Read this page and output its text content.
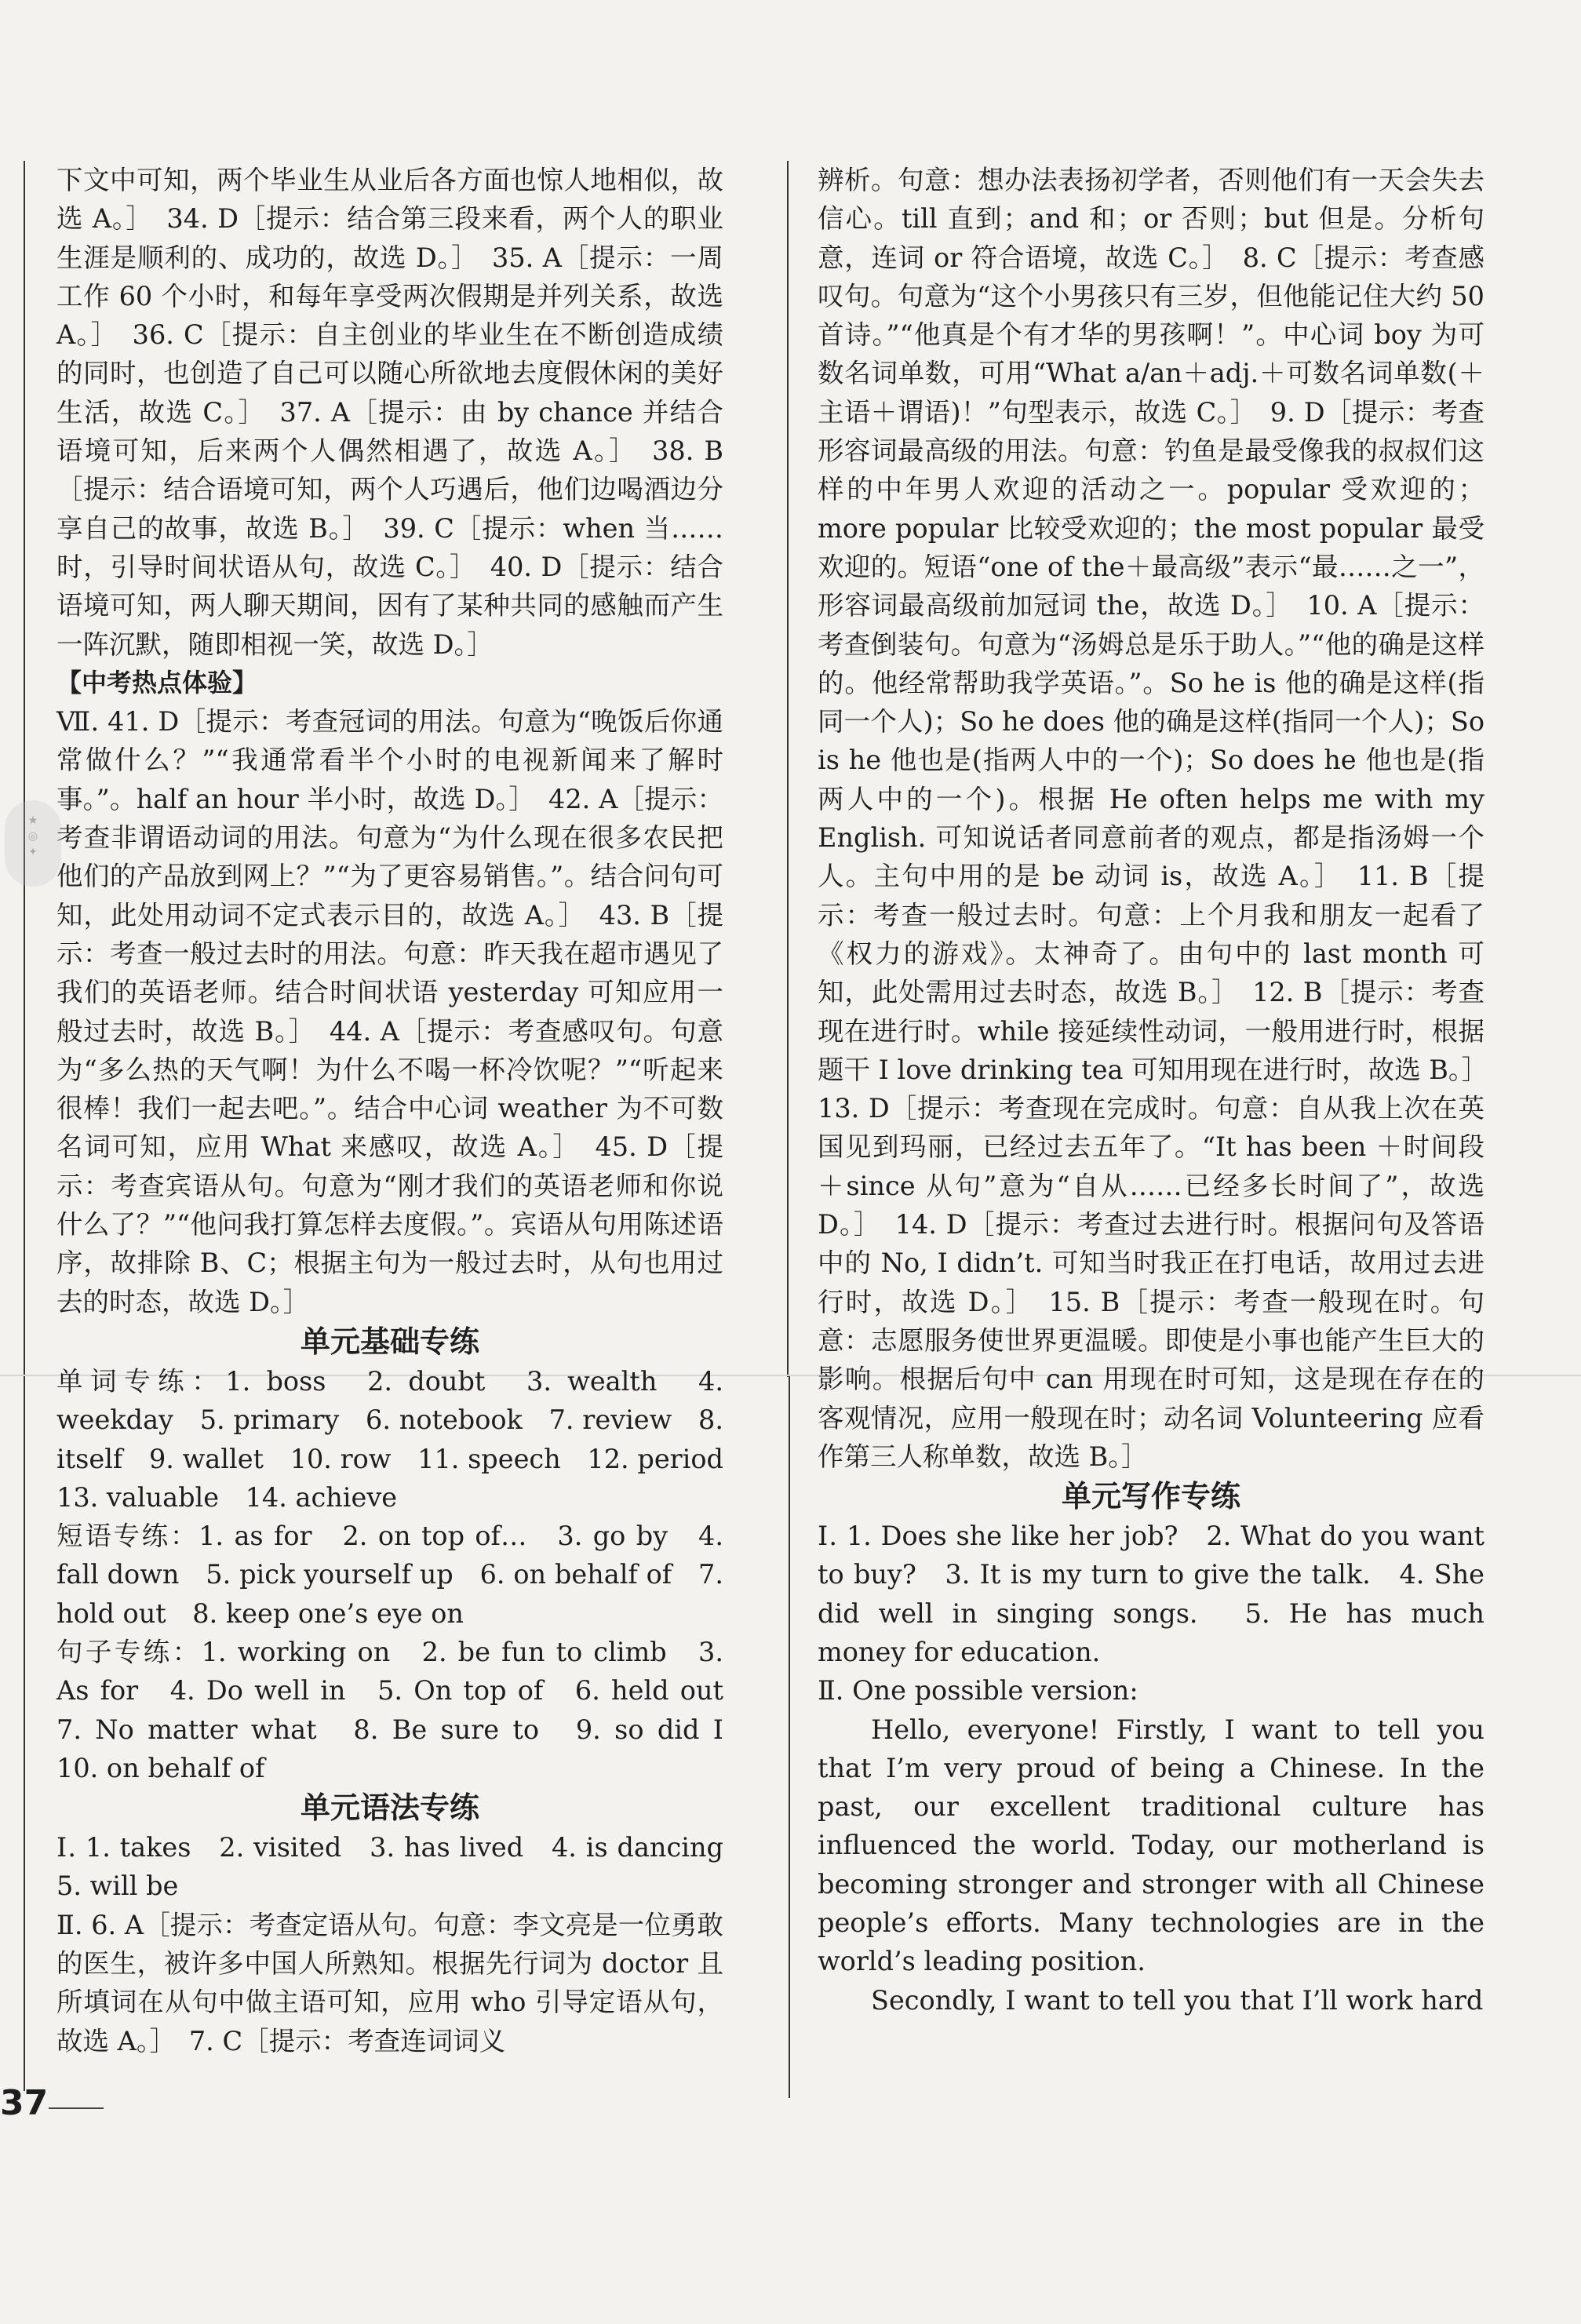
★
◎
✦

下文中可知，两个毕业生从业后各方面也惊人地相似，故选 A。］　34. D［提示：结合第三段来看，两个人的职业生涯是顺利的、成功的，故选 D。］　35. A［提示：一周工作 60 个小时，和每年享受两次假期是并列关系，故选 A。］　36. C［提示：自主创业的毕业生在不断创造成绩的同时，也创造了自己可以随心所欲地去度假休闲的美好生活，故选 C。］　37. A［提示：由 by chance 并结合语境可知，后来两个人偶然相遇了，故选 A。］　38. B［提示：结合语境可知，两个人巧遇后，他们边喝酒边分享自己的故事，故选 B。］　39. C［提示：when 当……时，引导时间状语从句，故选 C。］　40. D［提示：结合语境可知，两人聊天期间，因有了某种共同的感触而产生一阵沉默，随即相视一笑，故选 D。］

【中考热点体验】

Ⅶ. 41. D［提示：考查冠词的用法。句意为“晚饭后你通常做什么？”“我通常看半个小时的电视新闻来了解时事。”。half an hour 半小时，故选 D。］　42. A［提示：考查非谓语动词的用法。句意为“为什么现在很多农民把他们的产品放到网上？”“为了更容易销售。”。结合问句可知，此处用动词不定式表示目的，故选 A。］　43. B［提示：考查一般过去时的用法。句意：昨天我在超市遇见了我们的英语老师。结合时间状语 yesterday 可知应用一般过去时，故选 B。］　44. A［提示：考查感叹句。句意为“多么热的天气啊！为什么不喝一杯冷饮呢？”“听起来很棒！我们一起去吧。”。结合中心词 weather 为不可数名词可知，应用 What 来感叹，故选 A。］　45. D［提示：考查宾语从句。句意为“刚才我们的英语老师和你说什么了？”“他问我打算怎样去度假。”。宾语从句用陈述语序，故排除 B、C；根据主句为一般过去时，从句也用过去的时态，故选 D。］

单元基础专练

单词专练：1. boss　2. doubt　3. wealth　4. weekday　5. primary　6. notebook　7. review　8. itself　9. wallet　10. row　11. speech　12. period　13. valuable　14. achieve

短语专练：1. as for　2. on top of…　3. go by　4. fall down　5. pick yourself up　6. on behalf of　7. hold out　8. keep one’s eye on

句子专练：1. working on　2. be fun to climb　3. As for　4. Do well in　5. On top of　6. held out　7. No matter what　8. Be sure to　9. so did I　10. on behalf of

单元语法专练

Ⅰ. 1. takes　2. visited　3. has lived　4. is dancing　5. will be

Ⅱ. 6. A［提示：考查定语从句。句意：李文亮是一位勇敢的医生，被许多中国人所熟知。根据先行词为 doctor 且所填词在从句中做主语可知，应用 who 引导定语从句，故选 A。］　7. C［提示：考查连词词义

辨析。句意：想办法表扬初学者，否则他们有一天会失去信心。till 直到；and 和；or 否则；but 但是。分析句意，连词 or 符合语境，故选 C。］　8. C［提示：考查感叹句。句意为“这个小男孩只有三岁，但他能记住大约 50 首诗。”“他真是个有才华的男孩啊！”。中心词 boy 为可数名词单数，可用“What a/an＋adj.＋可数名词单数(＋主语＋谓语)！”句型表示，故选 C。］　9. D［提示：考查形容词最高级的用法。句意：钓鱼是最受像我的叔叔们这样的中年男人欢迎的活动之一。popular 受欢迎的；more popular 比较受欢迎的；the most popular 最受欢迎的。短语“one of the＋最高级”表示“最……之一”，形容词最高级前加冠词 the，故选 D。］　10. A［提示：考查倒装句。句意为“汤姆总是乐于助人。”“他的确是这样的。他经常帮助我学英语。”。So he is 他的确是这样(指同一个人)；So he does 他的确是这样(指同一个人)；So is he 他也是(指两人中的一个)；So does he 他也是(指两人中的一个)。根据 He often helps me with my English. 可知说话者同意前者的观点，都是指汤姆一个人。主句中用的是 be 动词 is，故选 A。］　11. B［提示：考查一般过去时。句意：上个月我和朋友一起看了《权力的游戏》。太神奇了。由句中的 last month 可知，此处需用过去时态，故选 B。］　12. B［提示：考查现在进行时。while 接延续性动词，一般用进行时，根据题干 I love drinking tea 可知用现在进行时，故选 B。］

13. D［提示：考查现在完成时。句意：自从我上次在英国见到玛丽，已经过去五年了。“It has been ＋时间段＋since 从句”意为“自从……已经多长时间了”，故选 D。］　14. D［提示：考查过去进行时。根据问句及答语中的 No, I didn’t. 可知当时我正在打电话，故用过去进行时，故选 D。］　15. B［提示：考查一般现在时。句意：志愿服务使世界更温暖。即使是小事也能产生巨大的影响。根据后句中 can 用现在时可知，这是现在存在的客观情况，应用一般现在时；动名词 Volunteering 应看作第三人称单数，故选 B。］

单元写作专练

Ⅰ. 1. Does she like her job?　2. What do you want to buy?　3. It is my turn to give the talk.　4. She did well in singing songs.　5. He has much money for education.

Ⅱ. One possible version:

Hello, everyone! Firstly, I want to tell you that I’m very proud of being a Chinese. In the past, our excellent traditional culture has influenced the world. Today, our motherland is becoming stronger and stronger with all Chinese people’s efforts. Many technologies are in the world’s leading position.

Secondly, I want to tell you that I’ll work hard

37
